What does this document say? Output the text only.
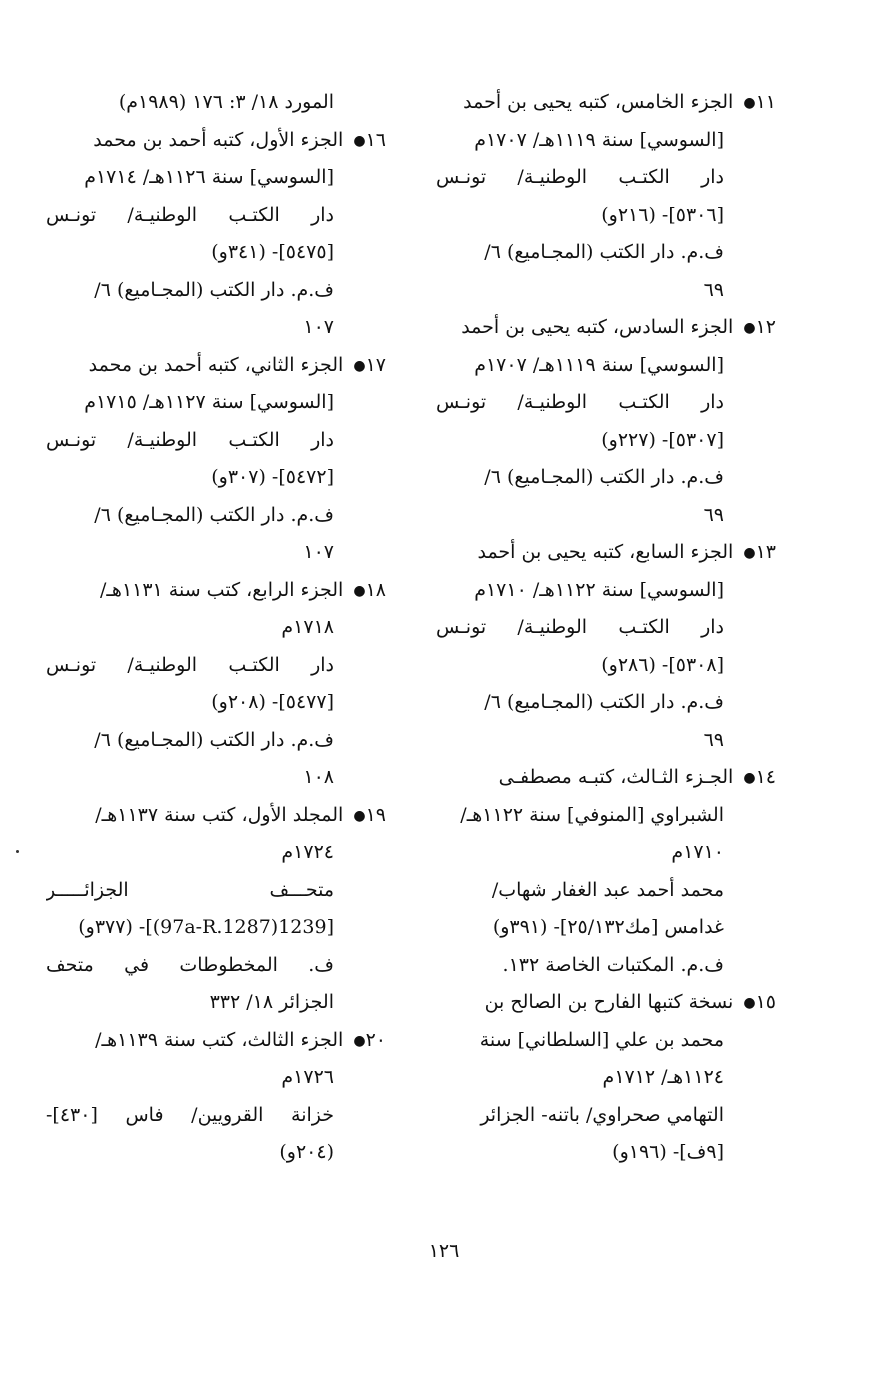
١١● الجزء الخامس، كتبه يحيى بن أحمد
[السوسي] سنة ١١١٩هـ/ ١٧٠٧م
دار الكتـب الوطنيـة/ تونـس
[٥٣٠٦]- (٢١٦و)
ف.م. دار الكتب (المجـاميع) ٦/
٦٩
١٢● الجزء السادس، كتبه يحيى بن أحمد
[السوسي] سنة ١١١٩هـ/ ١٧٠٧م
دار الكتـب الوطنيـة/ تونـس
[٥٣٠٧]- (٢٢٧و)
ف.م. دار الكتب (المجـاميع) ٦/
٦٩
١٣● الجزء السابع، كتبه يحيى بن أحمد
[السوسي] سنة ١١٢٢هـ/ ١٧١٠م
دار الكتـب الوطنيـة/ تونـس
[٥٣٠٨]- (٢٨٦و)
ف.م. دار الكتب (المجـاميع) ٦/
٦٩
١٤● الجـزء الثـالث، كتبـه مصطفـى
الشبراوي [المنوفي] سنة ١١٢٢هـ/
١٧١٠م
محمد أحمد عبد الغفار شهاب/
غدامس [مك٢٥/١٣٢]- (٣٩١و)
ف.م. المكتبات الخاصة ١٣٢.
١٥● نسخة كتبها الفارح بن الصالح بن
محمد بن علي [السلطاني] سنة
١١٢٤هـ/ ١٧١٢م
التهامي صحراوي/ باتنه- الجزائر
[٩ف]- (١٩٦و)
المورد ١٨/ ٣: ١٧٦ (١٩٨٩م)
١٦● الجزء الأول، كتبه أحمد بن محمد
[السوسي] سنة ١١٢٦هـ/ ١٧١٤م
دار الكتـب الوطنيـة/ تونـس
[٥٤٧٥]- (٣٤١و)
ف.م. دار الكتب (المجـاميع) ٦/
١٠٧
١٧● الجزء الثاني، كتبه أحمد بن محمد
[السوسي] سنة ١١٢٧هـ/ ١٧١٥م
دار الكتـب الوطنيـة/ تونـس
[٥٤٧٢]- (٣٠٧و)
ف.م. دار الكتب (المجـاميع) ٦/
١٠٧
١٨● الجزء الرابع، كتب سنة ١١٣١هـ/
١٧١٨م
دار الكتـب الوطنيـة/ تونـس
[٥٤٧٧]- (٢٠٨و)
ف.م. دار الكتب (المجـاميع) ٦/
١٠٨
١٩● المجلد الأول، كتب سنة ١١٣٧هـ/
١٧٢٤م
متحـــف الجزائـــــر
[1239(97a-R.1287)]- (٣٧٧و)
ف. المخطوطات في متحف
الجزائر ١٨/ ٣٣٢
٢٠● الجزء الثالث، كتب سنة ١١٣٩هـ/
١٧٢٦م
خزانة القرويين/ فاس [٤٣٠]-
(٢٠٤و)
١٢٦
